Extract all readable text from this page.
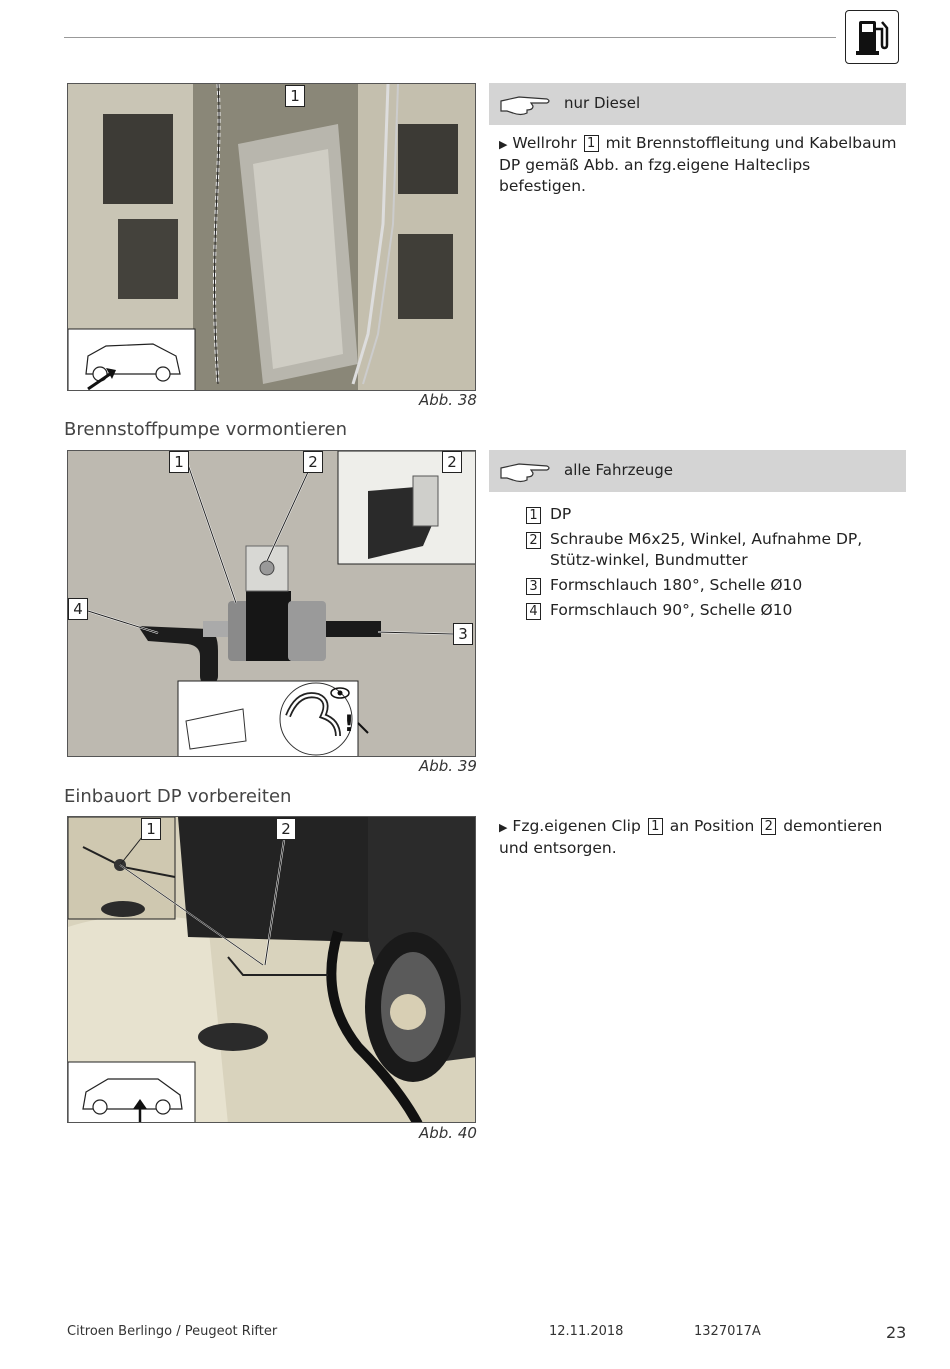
1
Abb. 38
nur Diesel
▶ Wellrohr 1 mit Brennstoffleitung und Kabelbaum DP gemäß Abb. an fzg.eigene Halteclips befestigen.
Brennstoffpumpe vormontieren
!
1	2	2
4
3
Abb. 39
alle Fahrzeuge
1 DP
2 Schraube M6x25, Winkel, Aufnahme DP, Stütz-winkel, Bundmutter
3 Formschlauch 180°, Schelle Ø10
4 Formschlauch 90°, Schelle Ø10
Einbauort DP vorbereiten
1	2
Abb. 40
▶ Fzg.eigenen Clip 1 an Position 2 demontieren und entsorgen.
Citroen Berlingo / Peugeot Rifter	12.11.2018	1327017A	23
